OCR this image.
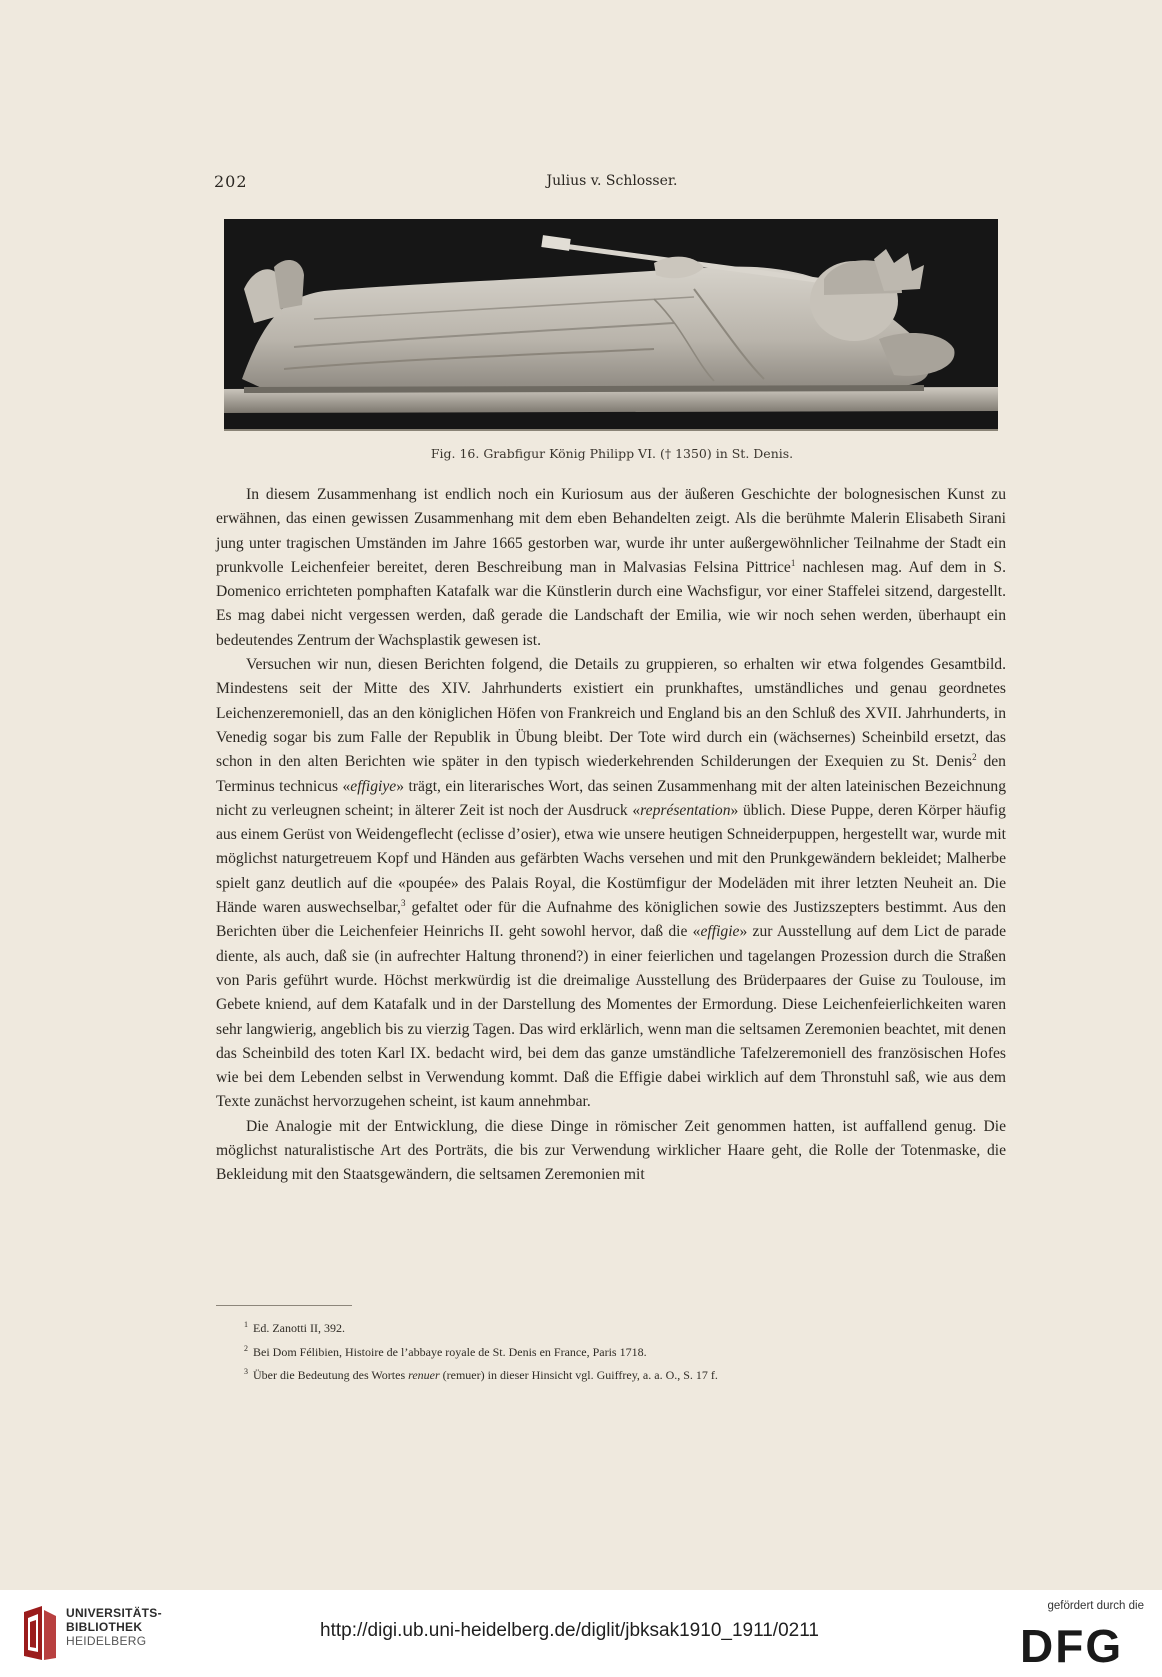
202	Julius v. Schlosser.
Fig. 16. Grabfigur König Philipp VI. († 1350) in St. Denis.

In diesem Zusammenhang ist endlich noch ein Kuriosum aus der äußeren Geschichte der bolognesischen Kunst zu erwähnen, das einen gewissen Zusammenhang mit dem eben Behandelten zeigt. Als die berühmte Malerin Elisabeth Sirani jung unter tragischen Umständen im Jahre 1665 gestorben war, wurde ihr unter außergewöhnlicher Teilnahme der Stadt ein prunkvolle Leichenfeier bereitet, deren Beschreibung man in Malvasias Felsina Pittrice$^1$ nachlesen mag. Auf dem in S. Domenico errichteten pomphaften Katafalk war die Künstlerin durch eine Wachsfigur, vor einer Staffelei sitzend, dargestellt. Es mag dabei nicht vergessen werden, daß gerade die Landschaft der Emilia, wie wir noch sehen werden, überhaupt ein bedeutendes Zentrum der Wachsplastik gewesen ist.

Versuchen wir nun, diesen Berichten folgend, die Details zu gruppieren, so erhalten wir etwa folgendes Gesamtbild. Mindestens seit der Mitte des XIV. Jahrhunderts existiert ein prunkhaftes, umständliches und genau geordnetes Leichenzeremoniell, das an den königlichen Höfen von Frankreich und England bis an den Schluß des XVII. Jahrhunderts, in Venedig sogar bis zum Falle der Republik in Übung bleibt. Der Tote wird durch ein (wächsernes) Scheinbild ersetzt, das schon in den alten Berichten wie später in den typisch wiederkehrenden Schilderungen der Exequien zu St. Denis$^2$ den Terminus technicus «effigiye» trägt, ein literarisches Wort, das seinen Zusammenhang mit der alten lateinischen Bezeichnung nicht zu verleugnen scheint; in älterer Zeit ist noch der Ausdruck «représentation» üblich. Diese Puppe, deren Körper häufig aus einem Gerüst von Weidengeflecht (eclisse d’osier), etwa wie unsere heutigen Schneiderpuppen, hergestellt war, wurde mit möglichst naturgetreuem Kopf und Händen aus gefärbten Wachs versehen und mit den Prunkgewändern bekleidet; Malherbe spielt ganz deutlich auf die «poupée» des Palais Royal, die Kostümfigur der Modeläden mit ihrer letzten Neuheit an. Die Hände waren auswechselbar,$^3$ gefaltet oder für die Aufnahme des königlichen sowie des Justizszepters bestimmt. Aus den Berichten über die Leichenfeier Heinrichs II. geht sowohl hervor, daß die «effigie» zur Ausstellung auf dem Lict de parade diente, als auch, daß sie (in aufrechter Haltung thronend?) in einer feierlichen und tagelangen Prozession durch die Straßen von Paris geführt wurde. Höchst merkwürdig ist die dreimalige Ausstellung des Brüderpaares der Guise zu Toulouse, im Gebete kniend, auf dem Katafalk und in der Darstellung des Momentes der Ermordung. Diese Leichenfeierlichkeiten waren sehr langwierig, angeblich bis zu vierzig Tagen. Das wird erklärlich, wenn man die seltsamen Zeremonien beachtet, mit denen das Scheinbild des toten Karl IX. bedacht wird, bei dem das ganze umständliche Tafelzeremoniell des französischen Hofes wie bei dem Lebenden selbst in Verwendung kommt. Daß die Effigie dabei wirklich auf dem Thronstuhl saß, wie aus dem Texte zunächst hervorzugehen scheint, ist kaum annehmbar.

Die Analogie mit der Entwicklung, die diese Dinge in römischer Zeit genommen hatten, ist auffallend genug. Die möglichst naturalistische Art des Porträts, die bis zur Verwendung wirklicher Haare geht, die Rolle der Totenmaske, die Bekleidung mit den Staatsgewändern, die seltsamen Zeremonien mit

$^1$ Ed. Zanotti II, 392.
$^2$ Bei Dom Félibien, Histoire de l’abbaye royale de St. Denis en France, Paris 1718.
$^3$ Über die Bedeutung des Wortes renuer (remuer) in dieser Hinsicht vgl. Guiffrey, a. a. O., S. 17 f.
UNIVERSITÄTS-
BIBLIOTHEK
HEIDELBERG	http://digi.ub.uni-heidelberg.de/diglit/jbksak1910_1911/0211
gefördert durch die
DFG
